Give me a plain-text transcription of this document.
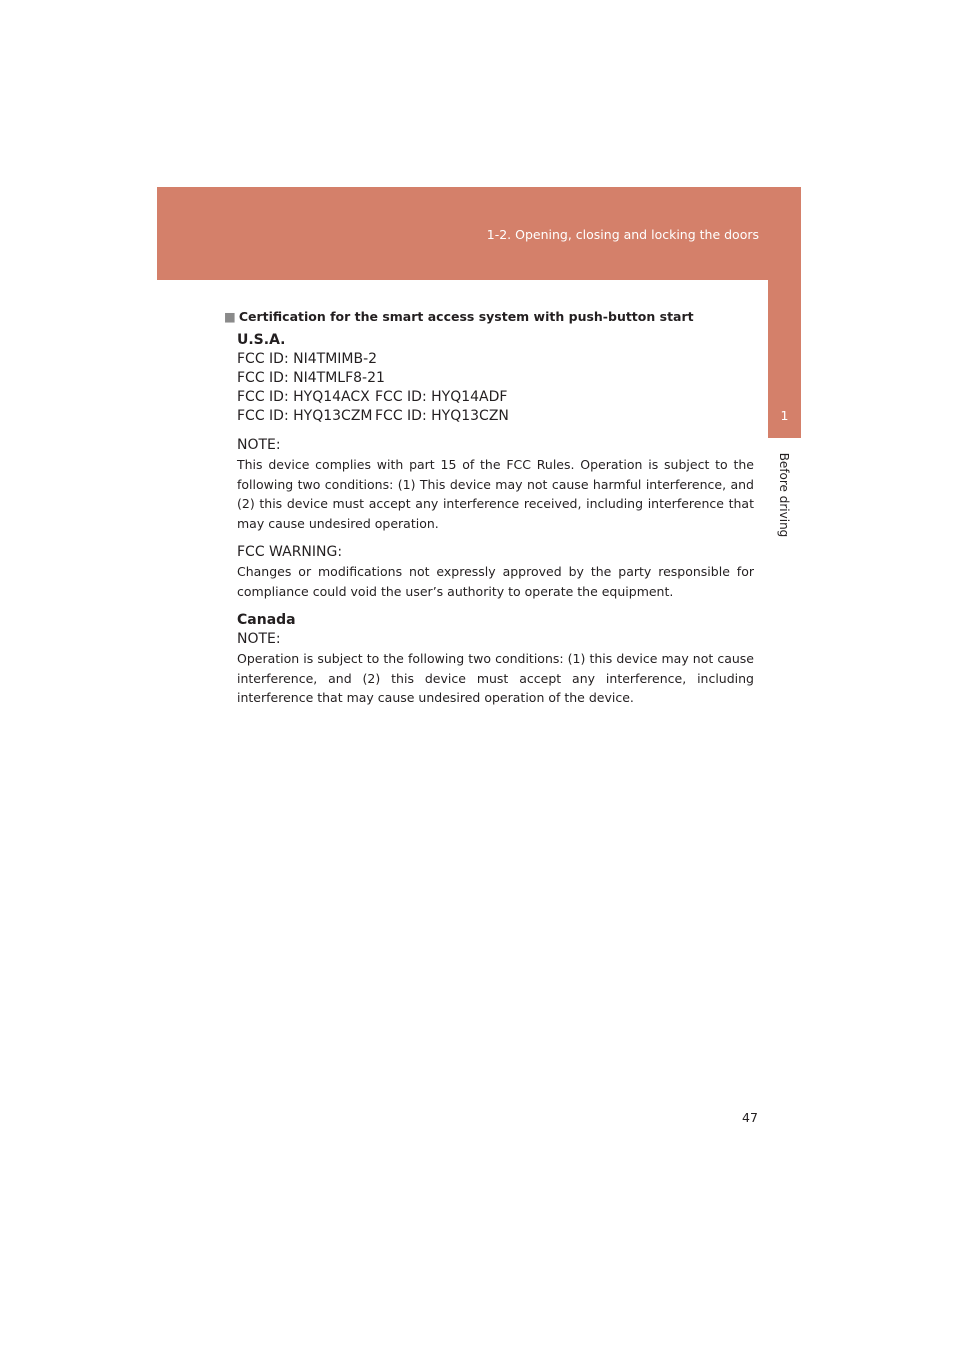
1-2. Opening, closing and locking the doors
1
Before driving
■ Certification for the smart access system with push-button start

U.S.A.

FCC ID: NI4TMIMB-2

FCC ID: NI4TMLF8-21

FCC ID: HYQ14ACX FCC ID: HYQ14ADF
FCC ID: HYQ13CZM FCC ID: HYQ13CZN

NOTE:

This device complies with part 15 of the FCC Rules. Operation is subject to the following two conditions: (1) This device may not cause harmful interference, and (2) this device must accept any interference received, including interference that may cause undesired operation.

FCC WARNING:

Changes or modifications not expressly approved by the party responsible for compliance could void the user’s authority to operate the equipment.

Canada

NOTE:

Operation is subject to the following two conditions: (1) this device may not cause interference, and (2) this device must accept any interference, including interference that may cause undesired operation of the device.

47
